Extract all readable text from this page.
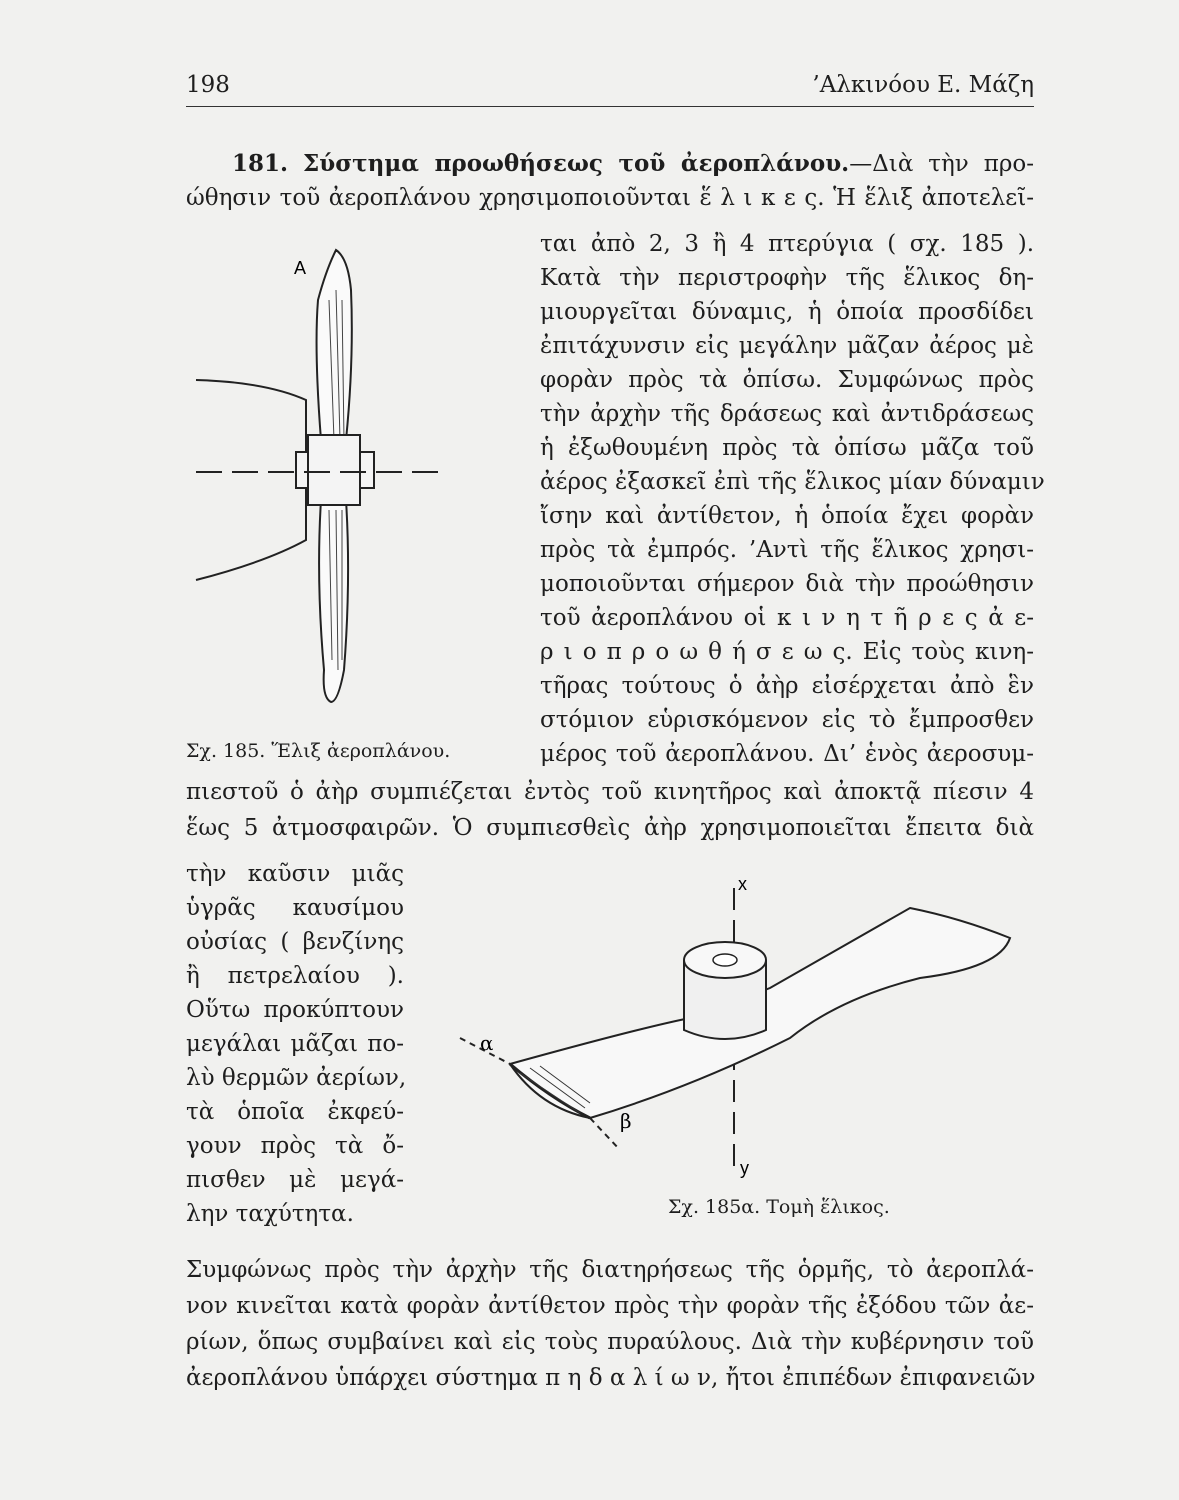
198	’Αλκινόου Ε. Μάζη
181. Σύστημα προωθήσεως τοῦ ἀεροπλάνου.—Διὰ τὴν προ-
ώθησιν τοῦ ἀεροπλάνου χρησιμοποιοῦνται ἕ λ ι κ ε ς. Ἡ ἕλιξ ἀποτελεῖ-
ται ἀπὸ 2, 3 ἢ 4 πτερύγια ( σχ. 185 ).
Κατὰ τὴν περιστροφὴν τῆς ἕλικος δη-
μιουργεῖται δύναμις, ἡ ὁποία προσδίδει
ἐπιτάχυνσιν εἰς μεγάλην μᾶζαν ἀέρος μὲ
φορὰν πρὸς τὰ ὀπίσω. Συμφώνως πρὸς
τὴν ἀρχὴν τῆς δράσεως καὶ ἀντιδράσεως
ἡ ἐξωθουμένη πρὸς τὰ ὀπίσω μᾶζα τοῦ
ἀέρος ἐξασκεῖ ἐπὶ τῆς ἕλικος μίαν δύναμιν
ἴσην καὶ ἀντίθετον, ἡ ὁποία ἔχει φορὰν
πρὸς τὰ ἐμπρός. ’Αντὶ τῆς ἕλικος χρησι-
μοποιοῦνται σήμερον διὰ τὴν προώθησιν
τοῦ ἀεροπλάνου οἱ κ ι ν η τ ῆ ρ ε ς ἀ ε-
ρ ι ο π ρ ο ω θ ή σ ε ω ς. Εἰς τοὺς κινη-
τῆρας τούτους ὁ ἀὴρ εἰσέρχεται ἀπὸ ἓν
στόμιον εὑρισκόμενον εἰς τὸ ἔμπροσθεν
μέρος τοῦ ἀεροπλάνου. Δι’ ἑνὸς ἀεροσυμ-
πιεστοῦ ὁ ἀὴρ συμπιέζεται ἐντὸς τοῦ κινητῆρος καὶ ἀποκτᾷ πίεσιν 4
ἕως 5 ἀτμοσφαιρῶν. Ὁ συμπιεσθεὶς ἀὴρ χρησιμοποιεῖται ἔπειτα διὰ
τὴν καῦσιν μιᾶς
ὑγρᾶς καυσίμου
οὐσίας ( βενζίνης
ἢ πετρελαίου ).
Οὕτω προκύπτουν
μεγάλαι μᾶζαι πο-
λὺ θερμῶν ἀερίων,
τὰ ὁποῖα ἐκφεύ-
γουν πρὸς τὰ ὄ-
πισθεν μὲ μεγά-
λην ταχύτητα.
Συμφώνως πρὸς τὴν ἀρχὴν τῆς διατηρήσεως τῆς ὁρμῆς, τὸ ἀεροπλά-
νον κινεῖται κατὰ φορὰν ἀντίθετον πρὸς τὴν φορὰν τῆς ἐξόδου τῶν ἀε-
ρίων, ὅπως συμβαίνει καὶ εἰς τοὺς πυραύλους. Διὰ τὴν κυβέρνησιν τοῦ
ἀεροπλάνου ὑπάρχει σύστημα π η δ α λ ί ω ν, ἤτοι ἐπιπέδων ἐπιφανειῶν
A
Σχ. 185. Ἕλιξ ἀεροπλάνου.
x
y
α
β
Σχ. 185α. Τομὴ ἕλικος.
